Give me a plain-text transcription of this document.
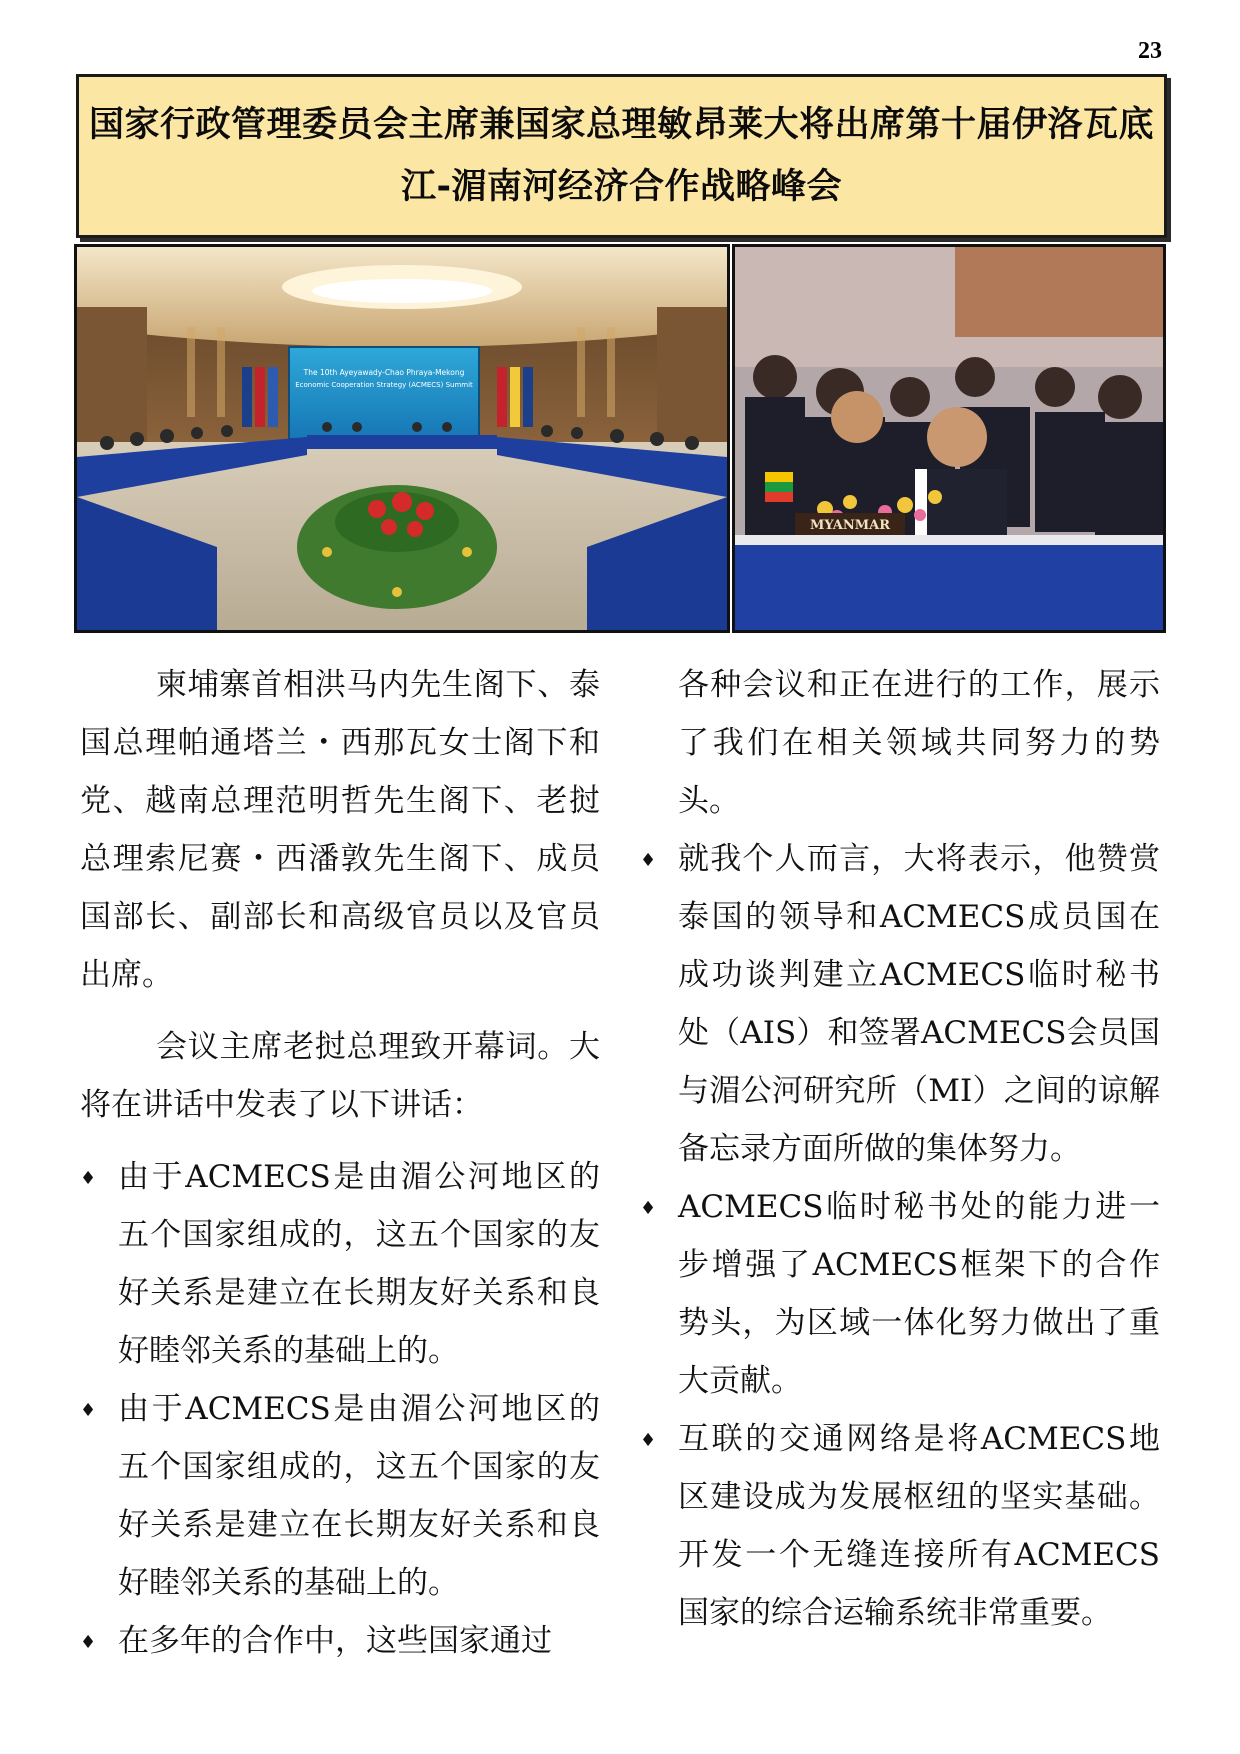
23
国家行政管理委员会主席兼国家总理敏昂莱大将出席第十届伊洛瓦底江-湄南河经济合作战略峰会
The 10th Ayeyawady-Chao Phraya-Mekong
Economic Cooperation Strategy (ACMECS) Summit
MYANMAR

柬埔寨首相洪马内先生阁下、泰国总理帕通塔兰・西那瓦女士阁下和党、越南总理范明哲先生阁下、老挝总理索尼赛・西潘敦先生阁下、成员国部长、副部长和高级官员以及官员出席。

会议主席老挝总理致开幕词。大将在讲话中发表了以下讲话：

♦ 由于ACMECS是由湄公河地区的五个国家组成的，这五个国家的友好关系是建立在长期友好关系和良好睦邻关系的基础上的。
♦ 由于ACMECS是由湄公河地区的五个国家组成的，这五个国家的友好关系是建立在长期友好关系和良好睦邻关系的基础上的。
♦ 在多年的合作中，这些国家通过
各种会议和正在进行的工作，展示了我们在相关领域共同努力的势头。
♦ 就我个人而言，大将表示，他赞赏泰国的领导和ACMECS成员国在成功谈判建立ACMECS临时秘书处（AIS）和签署ACMECS会员国与湄公河研究所（MI）之间的谅解备忘录方面所做的集体努力。
♦ ACMECS临时秘书处的能力进一步增强了ACMECS框架下的合作势头，为区域一体化努力做出了重大贡献。
♦ 互联的交通网络是将ACMECS地区建设成为发展枢纽的坚实基础。开发一个无缝连接所有ACMECS国家的综合运输系统非常重要。
